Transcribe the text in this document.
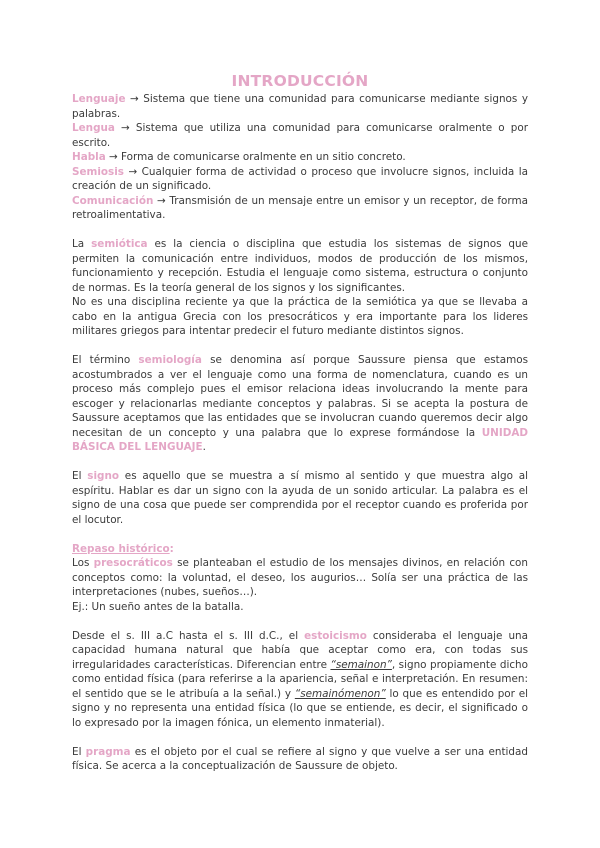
INTRODUCCIÓN

Lenguaje → Sistema que tiene una comunidad para comunicarse mediante signos y palabras.

Lengua → Sistema que utiliza una comunidad para comunicarse oralmente o por escrito.

Habla → Forma de comunicarse oralmente en un sitio concreto.

Semiosis → Cualquier forma de actividad o proceso que involucre signos, incluida la creación de un significado.

Comunicación → Transmisión de un mensaje entre un emisor y un receptor, de forma retroalimentativa.

La semiótica es la ciencia o disciplina que estudia los sistemas de signos que permiten la comunicación entre individuos, modos de producción de los mismos, funcionamiento y recepción. Estudia el lenguaje como sistema, estructura o conjunto de normas. Es la teoría general de los signos y los significantes.

No es una disciplina reciente ya que la práctica de la semiótica ya que se llevaba a cabo en la antigua Grecia con los presocráticos y era importante para los lideres militares griegos para intentar predecir el futuro mediante distintos signos.

El término semiología se denomina así porque Saussure piensa que estamos acostumbrados a ver el lenguaje como una forma de nomenclatura, cuando es un proceso más complejo pues el emisor relaciona ideas involucrando la mente para escoger y relacionarlas mediante conceptos y palabras. Si se acepta la postura de Saussure aceptamos que las entidades que se involucran cuando queremos decir algo necesitan de un concepto y una palabra que lo exprese formándose la UNIDAD BÁSICA DEL LENGUAJE.

El signo es aquello que se muestra a sí mismo al sentido y que muestra algo al espíritu. Hablar es dar un signo con la ayuda de un sonido articular. La palabra es el signo de una cosa que puede ser comprendida por el receptor cuando es proferida por el locutor.

Repaso histórico:

Los presocráticos se planteaban el estudio de los mensajes divinos, en relación con conceptos como: la voluntad, el deseo, los augurios… Solía ser una práctica de las interpretaciones (nubes, sueños…).

Ej.: Un sueño antes de la batalla.

Desde el s. III a.C hasta el s. III d.C., el estoicismo consideraba el lenguaje una capacidad humana natural que había que aceptar como era, con todas sus irregularidades características. Diferencian entre “semainon”, signo propiamente dicho como entidad física (para referirse a la apariencia, señal e interpretación. En resumen: el sentido que se le atribuía a la señal.) y “semainómenon” lo que es entendido por el signo y no representa una entidad física (lo que se entiende, es decir, el significado o lo expresado por la imagen fónica, un elemento inmaterial).

El pragma es el objeto por el cual se refiere al signo y que vuelve a ser una entidad física. Se acerca a la conceptualización de Saussure de objeto.
